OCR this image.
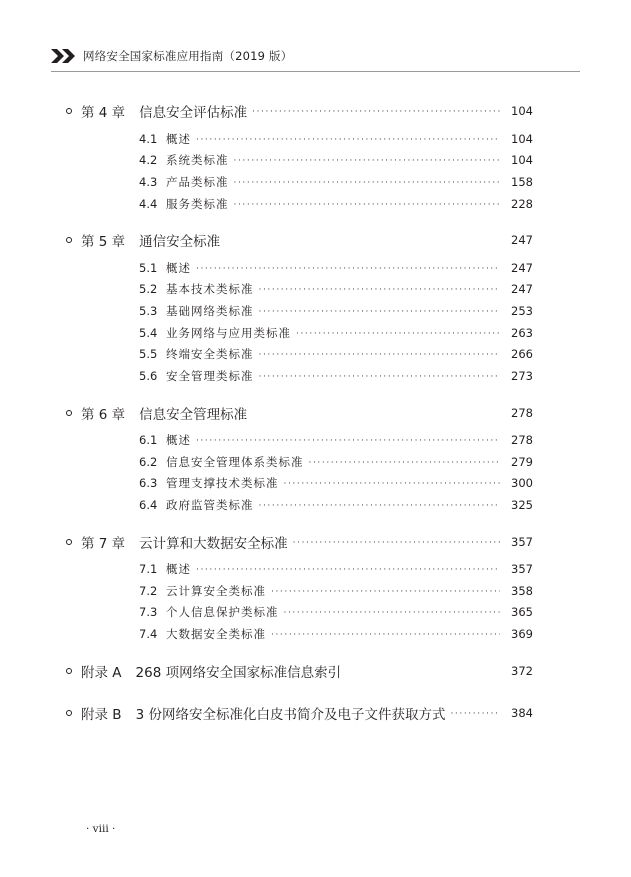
网络安全国家标准应用指南（2019 版）
第 4 章 信息安全评估标准 ·····	104
4.1 概述 ·····	104
4.2 系统类标准 ·····	104
4.3 产品类标准 ·····	158
4.4 服务类标准 ·····	228
第 5 章 通信安全标准	247
5.1 概述 ·····	247
5.2 基本技术类标准 ·····	247
5.3 基础网络类标准 ·····	253
5.4 业务网络与应用类标准 ·····	263
5.5 终端安全类标准 ·····	266
5.6 安全管理类标准 ·····	273
第 6 章 信息安全管理标准	278
6.1 概述 ·····	278
6.2 信息安全管理体系类标准 ·····	279
6.3 管理支撑技术类标准 ·····	300
6.4 政府监管类标准 ·····	325
第 7 章 云计算和大数据安全标准 ·····	357
7.1 概述 ·····	357
7.2 云计算安全类标准 ·····	358
7.3 个人信息保护类标准 ·····	365
7.4 大数据安全类标准 ·····	369
附录 A 268 项网络安全国家标准信息索引	372
附录 B 3 份网络安全标准化白皮书简介及电子文件获取方式 ·····	384
· viii ·
